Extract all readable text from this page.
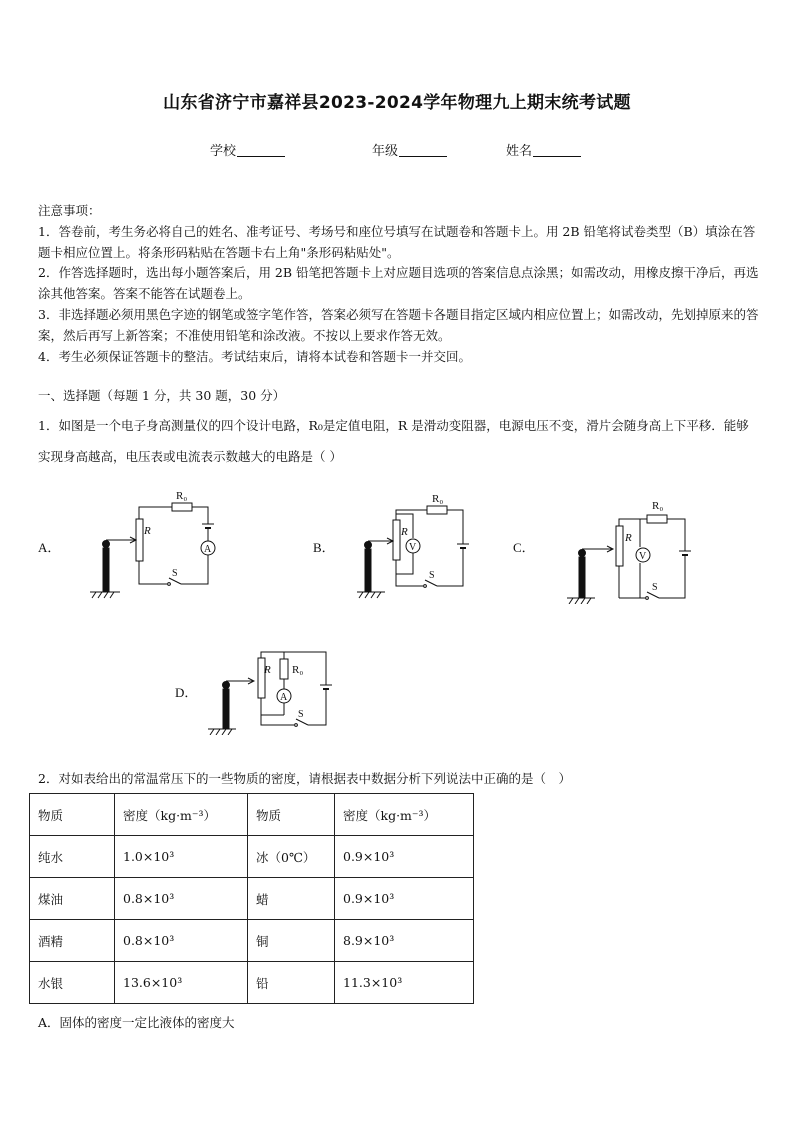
山东省济宁市嘉祥县2023-2024学年物理九上期末统考试题
学校	年级	姓名

注意事项：

1．答卷前，考生务必将自己的姓名、准考证号、考场号和座位号填写在试题卷和答题卡上。用 2B 铅笔将试卷类型（B）填涂在答题卡相应位置上。将条形码粘贴在答题卡右上角"条形码粘贴处"。

2．作答选择题时，选出每小题答案后，用 2B 铅笔把答题卡上对应题目选项的答案信息点涂黑；如需改动，用橡皮擦干净后，再选涂其他答案。答案不能答在试题卷上。

3．非选择题必须用黑色字迹的钢笔或签字笔作答，答案必须写在答题卡各题目指定区域内相应位置上；如需改动，先划掉原来的答案，然后再写上新答案；不准使用铅笔和涂改液。不按以上要求作答无效。

4．考生必须保证答题卡的整洁。考试结束后，请将本试卷和答题卡一并交回。

一、选择题（每题 1 分，共 30 题，30 分）

1．如图是一个电子身高测量仪的四个设计电路，R₀是定值电阻，R 是滑动变阻器，电源电压不变，滑片会随身高上下平移．能够实现身高越高，电压表或电流表示数越大的电路是（ ）

A．	B．	C．
D．
R
R₀
A
S
R
R₀
S
V
R
R₀
S
V
R R₀
A
S
2．对如表给出的常温常压下的一些物质的密度，请根据表中数据分析下列说法中正确的是（　）
物质	密度（kg·m⁻³）	物质	密度（kg·m⁻³）
纯水	1.0×10³	冰（0℃）	0.9×10³
煤油	0.8×10³	蜡	0.9×10³
酒精	0.8×10³	铜	8.9×10³
水银	13.6×10³	铅	11.3×10³
A．固体的密度一定比液体的密度大
